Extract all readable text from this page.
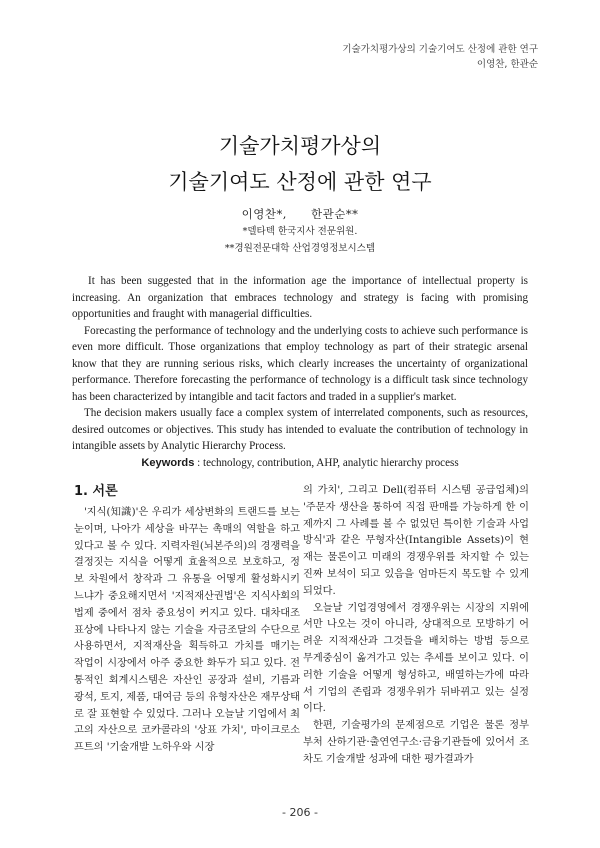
기술가치평가상의 기술기여도 산정에 관한 연구
이영찬, 한관순
기술가치평가상의
기술기여도 산정에 관한 연구
이영찬*, 한관순**
*델타텍 한국지사 전문위원.
**경원전문대학 산업경영정보시스템

It has been suggested that in the information age the importance of intellectual property is increasing. An organization that embraces technology and strategy is facing with promising opportunities and fraught with managerial difficulties.

Forecasting the performance of technology and the underlying costs to achieve such performance is even more difficult. Those organizations that employ technology as part of their strategic arsenal know that they are running serious risks, which clearly increases the uncertainty of organizational performance. Therefore forecasting the performance of technology is a difficult task since technology has been characterized by intangible and tacit factors and traded in a supplier's market.

The decision makers usually face a complex system of interrelated components, such as resources, desired outcomes or objectives. This study has intended to evaluate the contribution of technology in intangible assets by Analytic Hierarchy Process.

Keywords : technology, contribution, AHP, analytic hierarchy process
1. 서론

'지식(知識)'은 우리가 세상변화의 트랜드를 보는 눈이며, 나아가 세상을 바꾸는 촉매의 역할을 하고 있다고 볼 수 있다. 지력자원(뇌본주의)의 경쟁력을 결정짓는 지식을 어떻게 효율적으로 보호하고, 정보 차원에서 창작과 그 유통을 어떻게 활성화시키느냐가 중요해지면서 '지적재산권법'은 지식사회의 법제 중에서 점차 중요성이 커지고 있다. 대차대조표상에 나타나지 않는 기술을 자금조달의 수단으로 사용하면서, 지적재산을 획득하고 가치를 매기는 작업이 시장에서 아주 중요한 화두가 되고 있다. 전통적인 회계시스템은 자산인 공장과 설비, 기름과 광석, 토지, 제품, 대여금 등의 유형자산은 재무상태로 잘 표현할 수 있었다. 그러나 오늘날 기업에서 최고의 자산으로 코카콜라의 '상표 가치', 마이크로소프트의 '기술개발 노하우와 시장

의 가치', 그리고 Dell(컴퓨터 시스템 공급업체)의 '주문자 생산을 통하여 직접 판매를 가능하게 한 이제까지 그 사례를 볼 수 없었던 특이한 기술과 사업 방식'과 같은 무형자산(Intangible Assets)이 현재는 물론이고 미래의 경쟁우위를 차지할 수 있는 진짜 보석이 되고 있음을 엄마든지 목도할 수 있게 되었다.

오늘날 기업경영에서 경쟁우위는 시장의 지위에서만 나오는 것이 아니라, 상대적으로 모방하기 어려운 지적재산과 그것들을 배치하는 방법 등으로 무게중심이 옮겨가고 있는 추세를 보이고 있다. 이러한 기술을 어떻게 형성하고, 배열하는가에 따라서 기업의 존립과 경쟁우위가 뒤바뀌고 있는 실정이다.

한편, 기술평가의 문제점으로 기업은 물론 정부부처 산하기관·출연연구소·금융기관들에 있어서 조차도 기술개발 성과에 대한 평가결과가

- 206 -
